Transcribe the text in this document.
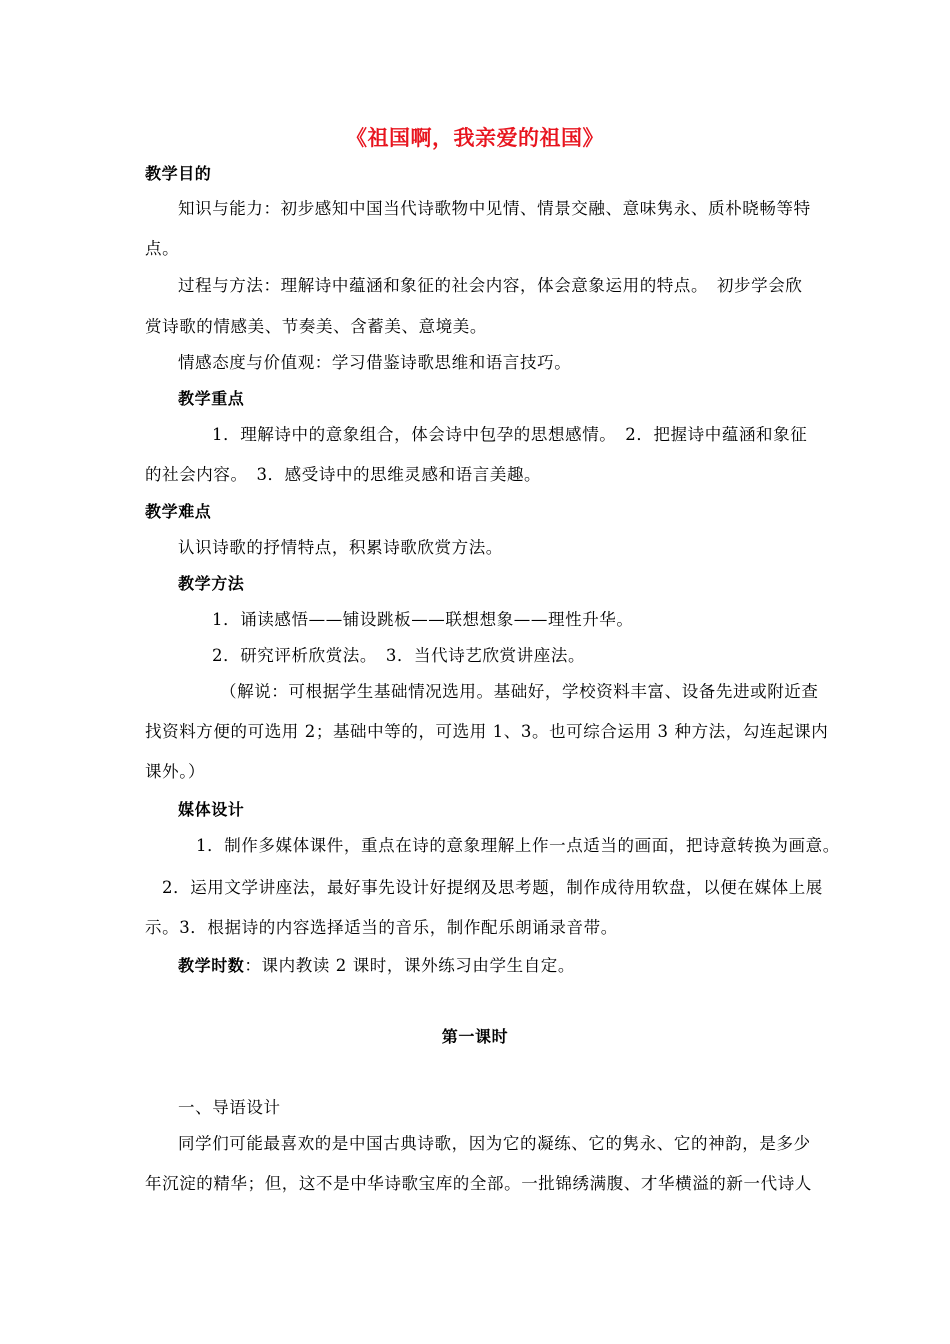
《祖国啊，我亲爱的祖国》
教学目的
知识与能力：初步感知中国当代诗歌物中见情、情景交融、意味隽永、质朴晓畅等特
点。
过程与方法：理解诗中蕴涵和象征的社会内容，体会意象运用的特点。　初步学会欣
赏诗歌的情感美、节奏美、含蓄美、意境美。
情感态度与价值观：学习借鉴诗歌思维和语言技巧。
教学重点
1．理解诗中的意象组合，体会诗中包孕的思想感情。　2．把握诗中蕴涵和象征
的社会内容。　3．感受诗中的思维灵感和语言美趣。
教学难点
认识诗歌的抒情特点，积累诗歌欣赏方法。
教学方法
1．诵读感悟——铺设跳板——联想想象——理性升华。
2．研究评析欣赏法。　3．当代诗艺欣赏讲座法。
（解说：可根据学生基础情况选用。基础好，学校资料丰富、设备先进或附近查
找资料方便的可选用 2；基础中等的，可选用 1、3。也可综合运用 3 种方法，勾连起课内
课外。）
媒体设计
1．制作多媒体课件，重点在诗的意象理解上作一点适当的画面，把诗意转换为画意。
2．运用文学讲座法，最好事先设计好提纲及思考题，制作成待用软盘，以便在媒体上展
示。3．根据诗的内容选择适当的音乐，制作配乐朗诵录音带。
教学时数：课内教读 2 课时，课外练习由学生自定。
第一课时
一、导语设计
同学们可能最喜欢的是中国古典诗歌，因为它的凝练、它的隽永、它的神韵，是多少
年沉淀的精华；但，这不是中华诗歌宝库的全部。一批锦绣满腹、才华横溢的新一代诗人
